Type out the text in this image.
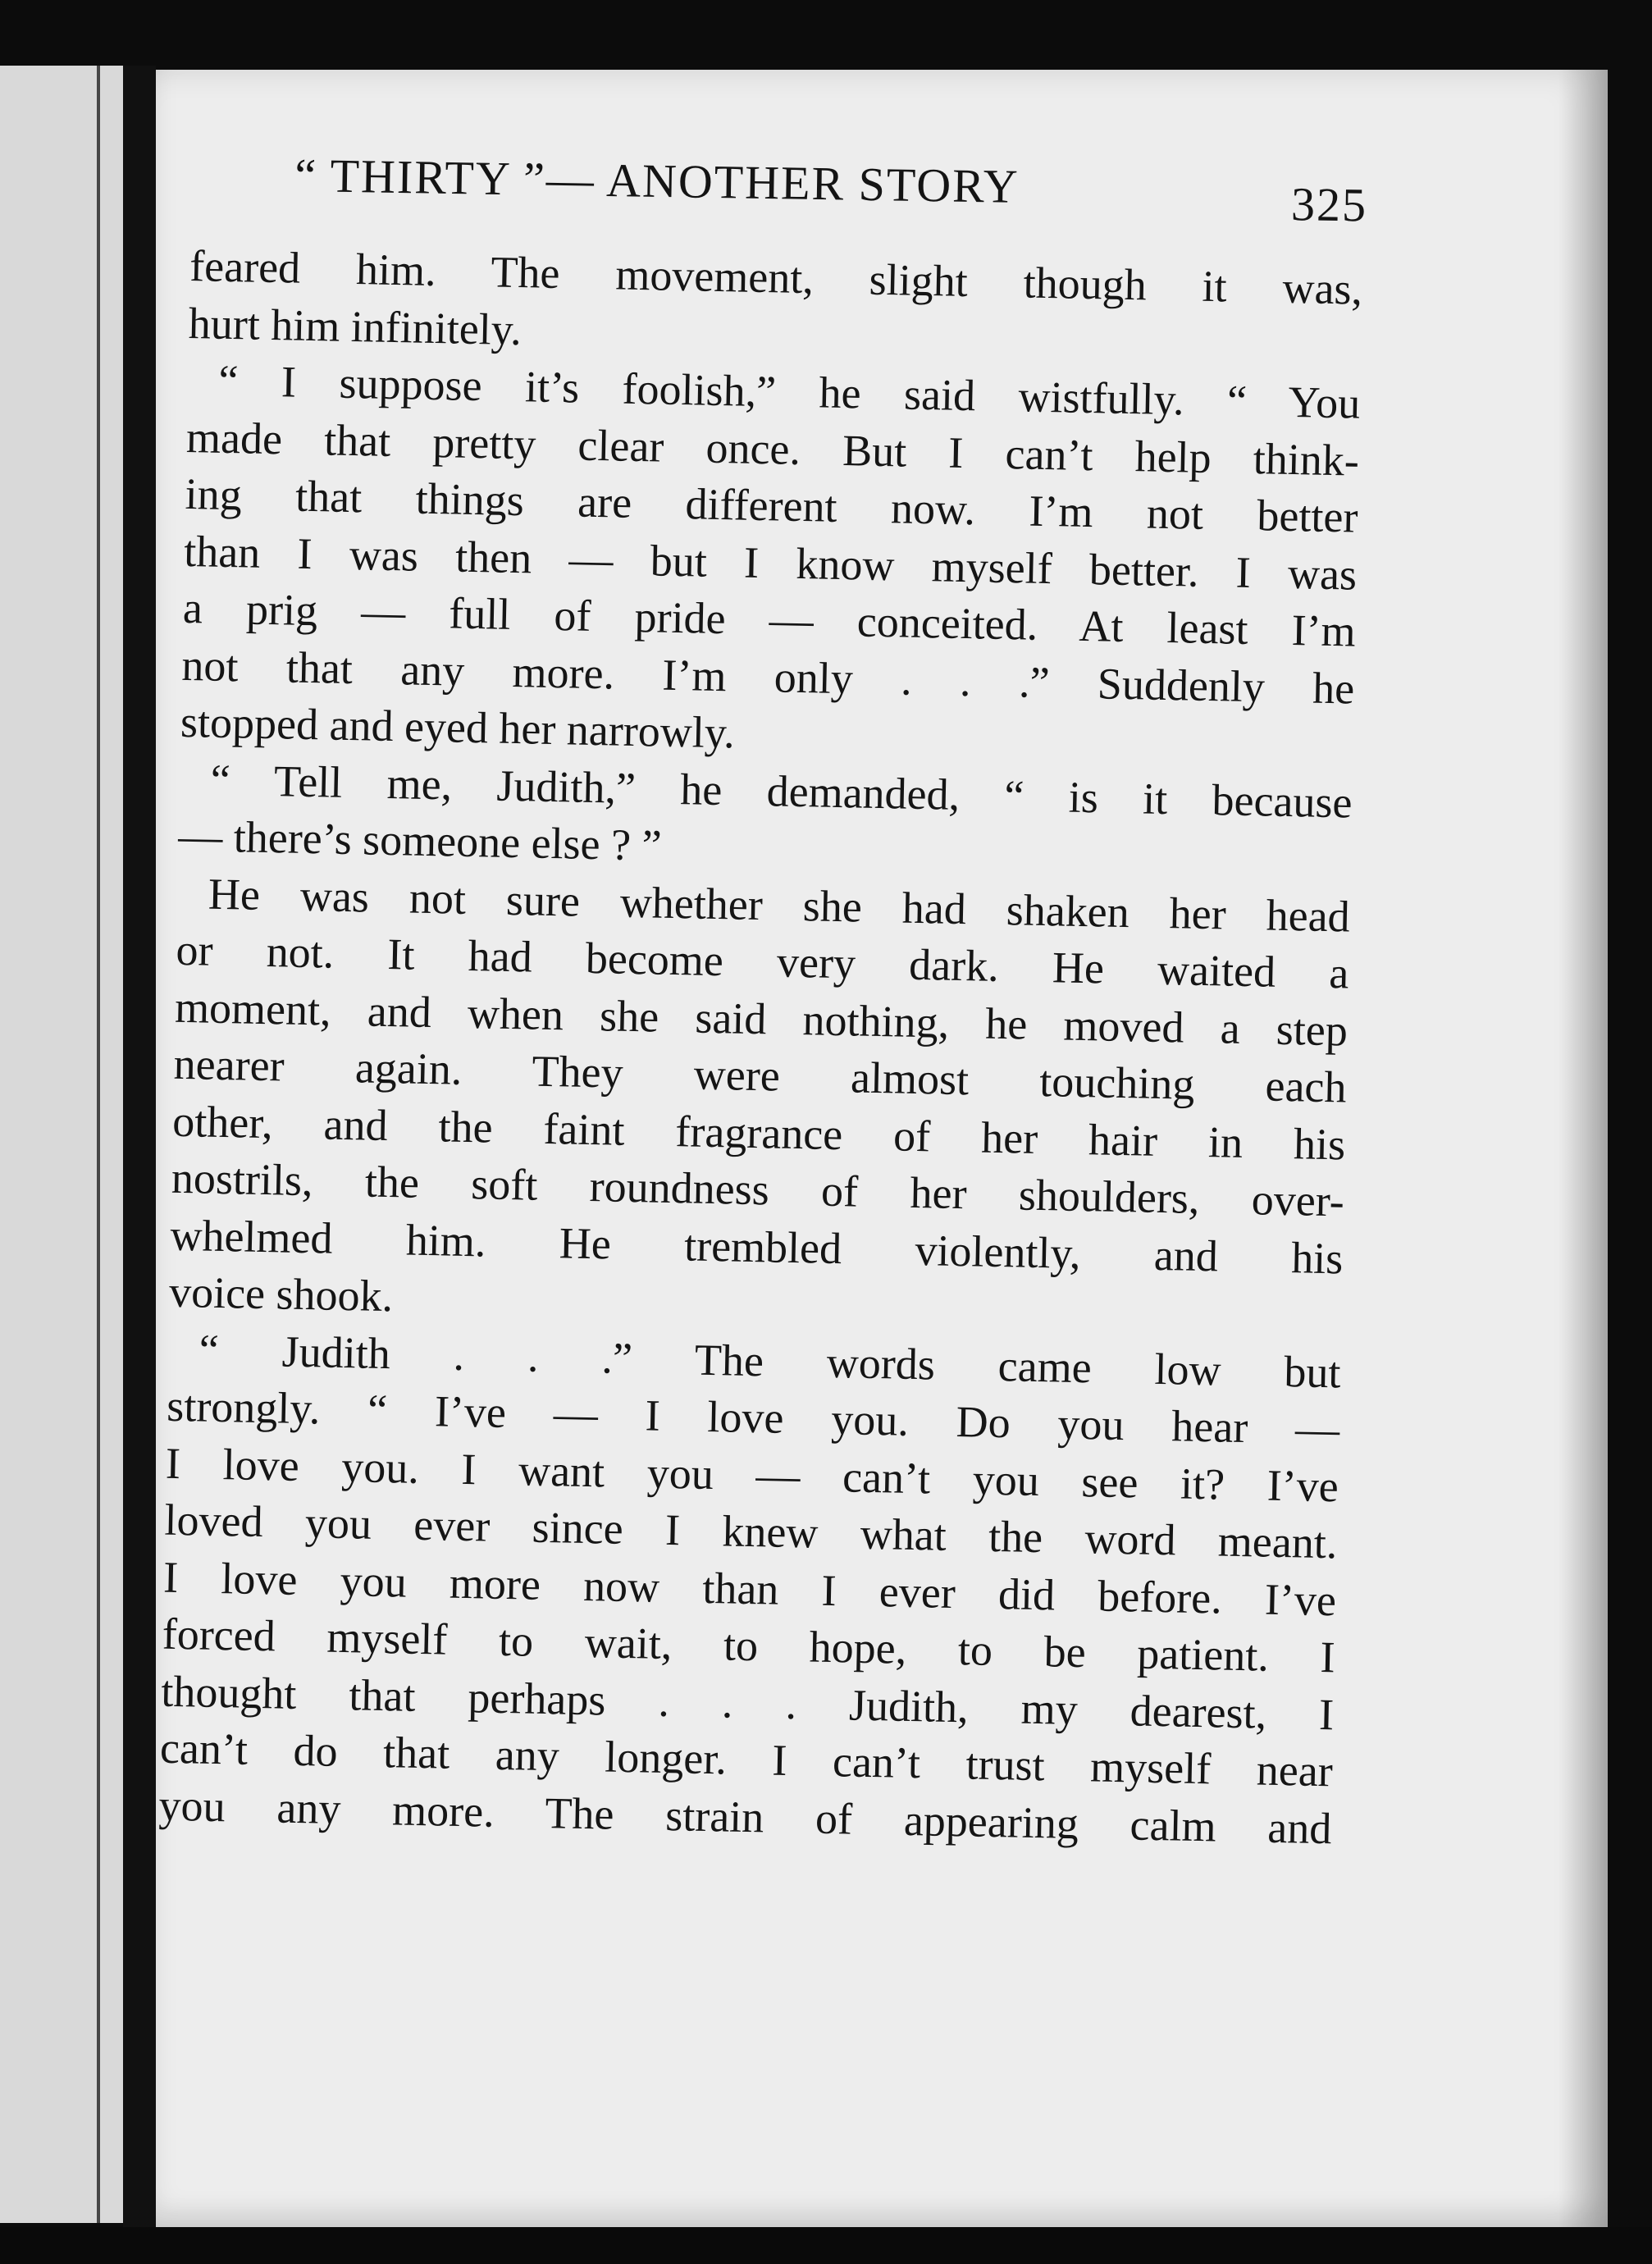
“ THIRTY ”— ANOTHER STORY	325
feared him. The movement, slight though it was,
hurt him infinitely.
“ I suppose it’s foolish,” he said wistfully. “ You
made that pretty clear once. But I can’t help think-
ing that things are different now. I’m not better
than I was then — but I know myself better. I was
a prig — full of pride — conceited. At least I’m
not that any more. I’m only . . .” Suddenly he
stopped and eyed her narrowly.
“ Tell me, Judith,” he demanded, “ is it because
— there’s someone else ? ”
He was not sure whether she had shaken her head
or not. It had become very dark. He waited a
moment, and when she said nothing, he moved a step
nearer again. They were almost touching each
other, and the faint fragrance of her hair in his
nostrils, the soft roundness of her shoulders, over-
whelmed him. He trembled violently, and his
voice shook.
“ Judith . . .” The words came low but
strongly. “ I’ve — I love you. Do you hear —
I love you. I want you — can’t you see it? I’ve
loved you ever since I knew what the word meant.
I love you more now than I ever did before. I’ve
forced myself to wait, to hope, to be patient. I
thought that perhaps . . . Judith, my dearest, I
can’t do that any longer. I can’t trust myself near
you any more. The strain of appearing calm and
